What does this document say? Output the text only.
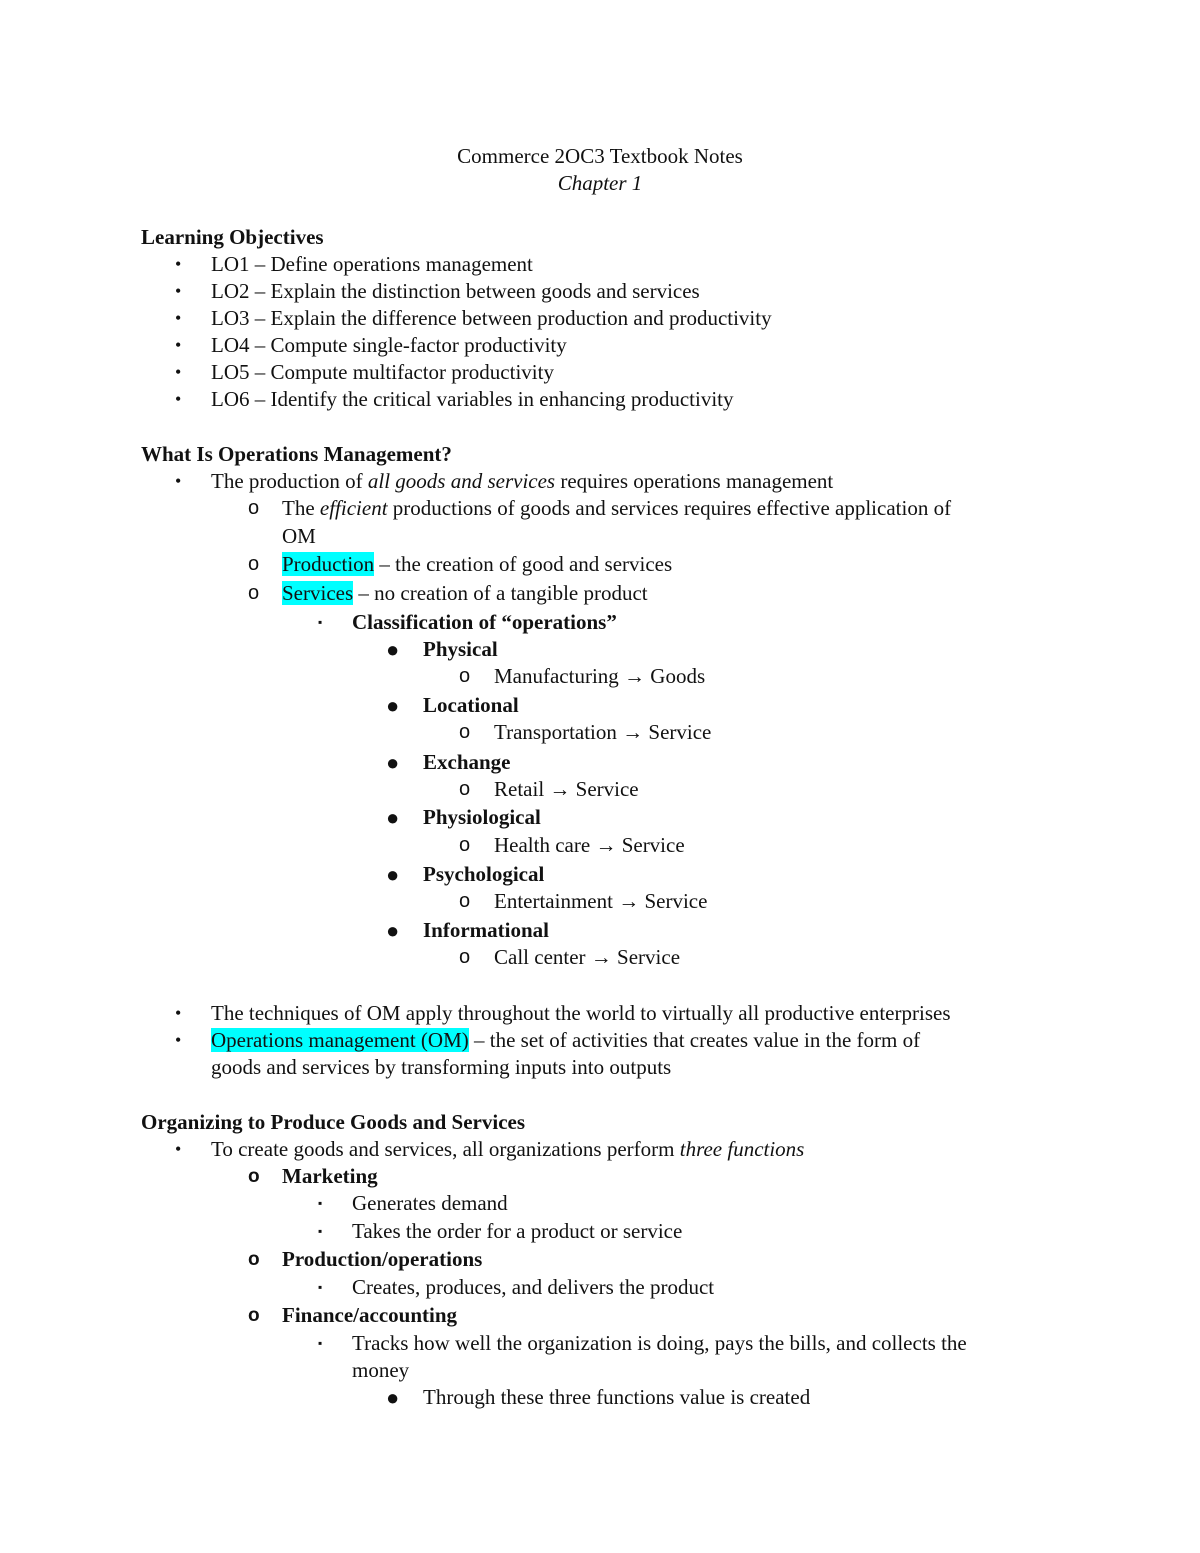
Commerce 2OC3 Textbook Notes
Chapter 1
Learning Objectives
• LO1 – Define operations management
• LO2 – Explain the distinction between goods and services
• LO3 – Explain the difference between production and productivity
• LO4 – Compute single-factor productivity
• LO5 – Compute multifactor productivity
• LO6 – Identify the critical variables in enhancing productivity
What Is Operations Management?
• The production of all goods and services requires operations management
o The efficient productions of goods and services requires effective application of
OM
o Production – the creation of good and services
o Services – no creation of a tangible product
▪ Classification of “operations”
● Physical
o Manufacturing → Goods
● Locational
o Transportation → Service
● Exchange
o Retail → Service
● Physiological
o Health care → Service
● Psychological
o Entertainment → Service
● Informational
o Call center → Service
• The techniques of OM apply throughout the world to virtually all productive enterprises
• Operations management (OM) – the set of activities that creates value in the form of
goods and services by transforming inputs into outputs
Organizing to Produce Goods and Services
• To create goods and services, all organizations perform three functions
o Marketing
▪ Generates demand
▪ Takes the order for a product or service
o Production/operations
▪ Creates, produces, and delivers the product
o Finance/accounting
▪ Tracks how well the organization is doing, pays the bills, and collects the
money
● Through these three functions value is created
